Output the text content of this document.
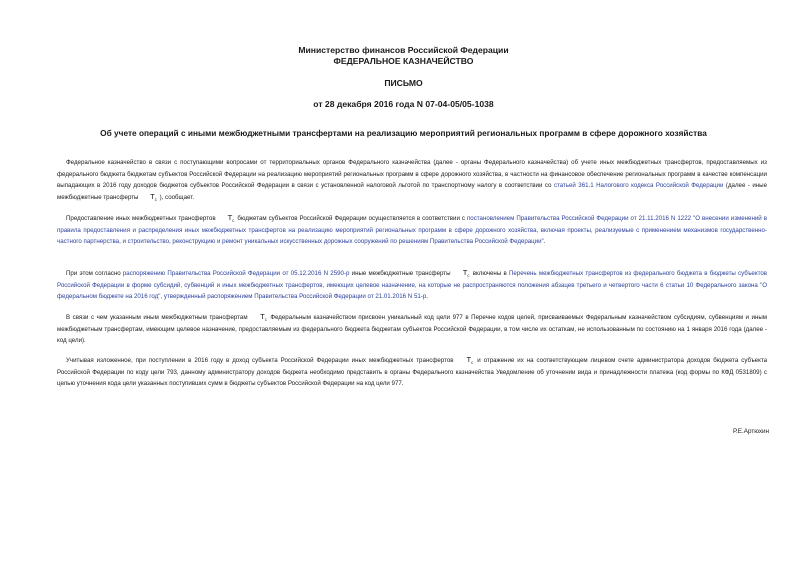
Министерство финансов Российской Федерации
ФЕДЕРАЛЬНОЕ КАЗНАЧЕЙСТВО
ПИСЬМО
от 28 декабря 2016 года N 07-04-05/05-1038
Об учете операций с иными межбюджетными трансфертами на реализацию мероприятий региональных программ в сфере дорожного хозяйства
Федеральное казначейство в связи с поступающими вопросами от территориальных органов Федерального казначейства (далее - органы Федерального казначейства) об учете иных межбюджетных трансфертов, предоставляемых из федерального бюджета бюджетам субъектов Российской Федерации на реализацию мероприятий региональных программ в сфере дорожного хозяйства, в частности на финансовое обеспечение региональных программ в качестве компенсации выпадающих в 2016 году доходов бюджетов субъектов Российской Федерации в связи с установленной налоговой льготой по транспортному налогу в соответствии со статьей 361.1 Налогового кодекса Российской Федерации (далее - иные межбюджетные трансферты $T_c$ ), сообщает.
Предоставление иных межбюджетных трансфертов $T_c$ бюджетам субъектов Российской Федерации осуществляется в соответствии с постановлением Правительства Российской Федерации от 21.11.2016 N 1222 "О внесении изменений в правила предоставления и распределения иных межбюджетных трансфертов на реализацию мероприятий региональных программ в сфере дорожного хозяйства, включая проекты, реализуемые с применением механизмов государственно-частного партнерства, и строительство, реконструкцию и ремонт уникальных искусственных дорожных сооружений по решениям Правительства Российской Федерации".
При этом согласно распоряжению Правительства Российской Федерации от 05.12.2016 N 2590-р иные межбюджетные трансферты $T_c$ включены в Перечень межбюджетных трансфертов из федерального бюджета в бюджеты субъектов Российской Федерации в форме субсидий, субвенций и иных межбюджетных трансфертов, имеющих целевое назначение, на которые не распространяются положения абзацев третьего и четвертого части 6 статьи 10 Федерального закона "О федеральном бюджете на 2016 год", утвержденный распоряжением Правительства Российской Федерации от 21.01.2016 N 51-р.
В связи с чем указанным иным межбюджетным трансфертам $T_c$ Федеральным казначейством присвоен уникальный код цели 977 в Перечне кодов целей, присваиваемых Федеральным казначейством субсидиям, субвенциям и иным межбюджетным трансфертам, имеющим целевое назначение, предоставляемым из федерального бюджета бюджетам субъектов Российской Федерации, в том числе их остаткам, не использованным по состоянию на 1 января 2016 года (далее - код цели).
Учитывая изложенное, при поступлении в 2016 году в доход субъекта Российской Федерации иных межбюджетных трансфертов $T_c$ и отражение их на соответствующем лицевом счете администратора доходов бюджета субъекта Российской Федерации по коду цели 793, данному администратору доходов бюджета необходимо представить в органы Федерального казначейства Уведомление об уточнении вида и принадлежности платежа (код формы по КФД 0531809) с целью уточнения кода цели указанных поступивших сумм в бюджеты субъектов Российской Федерации на код цели 977.
Р.Е.Артюхин
